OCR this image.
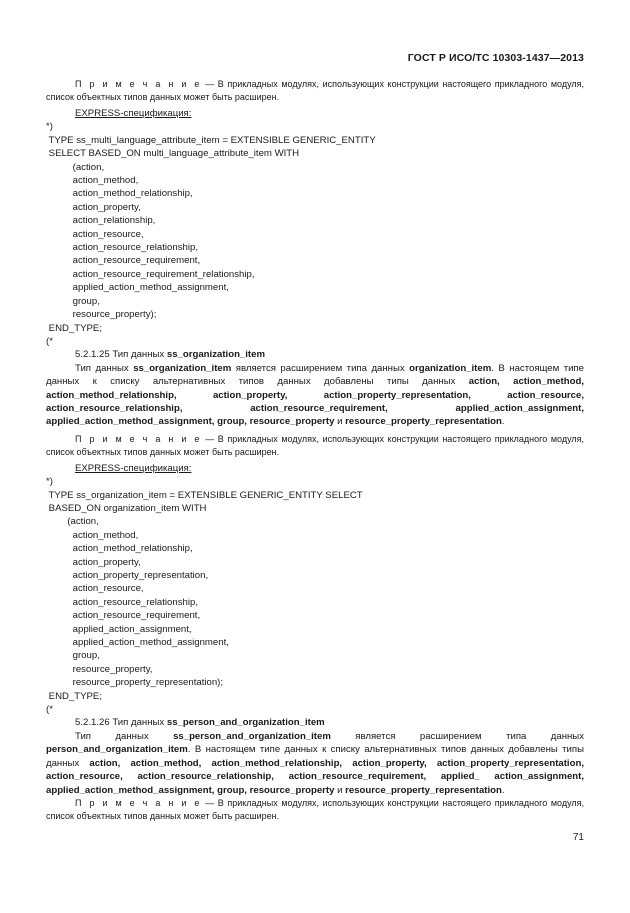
ГОСТ Р ИСО/ТС 10303-1437—2013

П р и м е ч а н и е — В прикладных модулях, использующих конструкции настоящего прикладного модуля, список объектных типов данных может быть расширен.

EXPRESS-спецификация:
*)
TYPE ss_multi_language_attribute_item = EXTENSIBLE GENERIC_ENTITY
SELECT BASED_ON multi_language_attribute_item WITH
(action,
action_method,
action_method_relationship,
action_property,
action_relationship,
action_resource,
action_resource_relationship,
action_resource_requirement,
action_resource_requirement_relationship,
applied_action_method_assignment,
group,
resource_property);
END_TYPE;
(*

5.2.1.25 Тип данных ss_organization_item

Тип данных ss_organization_item является расширением типа данных organization_item. В настоящем типе данных к списку альтернативных типов данных добавлены типы данных action, action_method, action_method_relationship, action_property, action_property_representation, action_resource, action_resource_relationship, action_resource_requirement, applied_action_assignment, applied_action_method_assignment, group, resource_property и resource_property_representation.

П р и м е ч а н и е — В прикладных модулях, использующих конструкции настоящего прикладного модуля, список объектных типов данных может быть расширен.

EXPRESS-спецификация:
*)
TYPE ss_organization_item = EXTENSIBLE GENERIC_ENTITY SELECT
BASED_ON organization_item WITH
(action,
action_method,
action_method_relationship,
action_property,
action_property_representation,
action_resource,
action_resource_relationship,
action_resource_requirement,
applied_action_assignment,
applied_action_method_assignment,
group,
resource_property,
resource_property_representation);
END_TYPE;
(*

5.2.1.26 Тип данных ss_person_and_organization_item

Тип данных ss_person_and_organization_item является расширением типа данных person_and_organization_item. В настоящем типе данных к списку альтернативных типов данных добавлены типы данных action, action_method, action_method_relationship, action_property, action_property_representation, action_resource, action_resource_relationship, action_resource_requirement, applied_ action_assignment, applied_action_method_assignment, group, resource_property и resource_property_representation.

П р и м е ч а н и е — В прикладных модулях, использующих конструкции настоящего прикладного модуля, список объектных типов данных может быть расширен.

71
